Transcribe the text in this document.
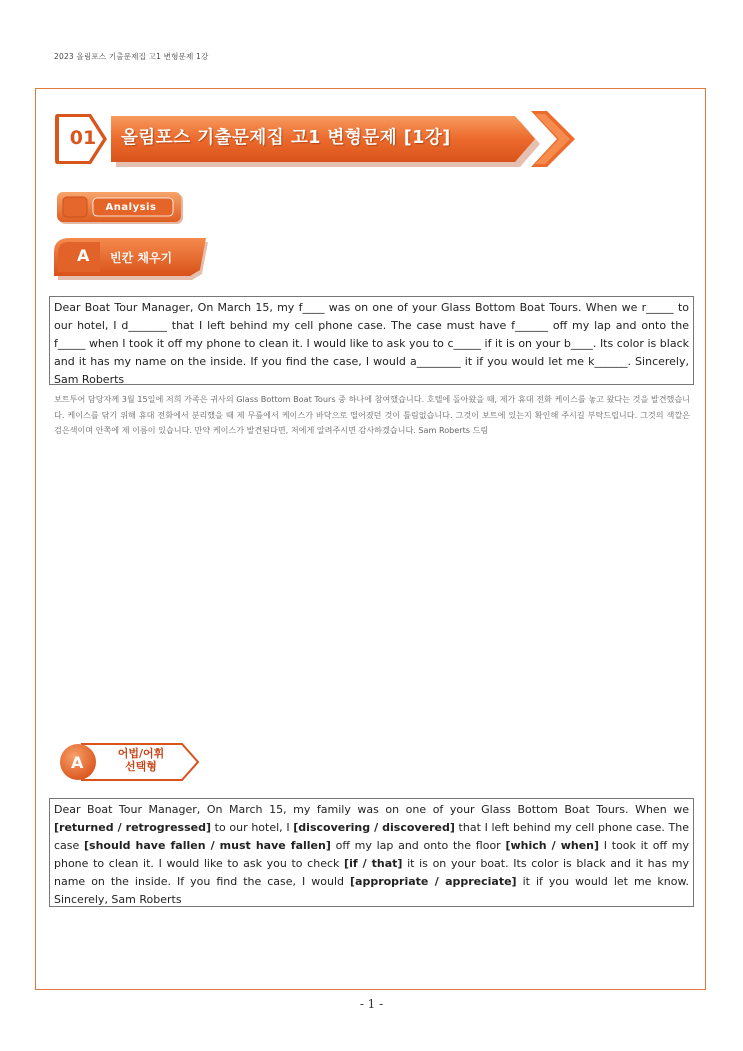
2023 올림포스 기출문제집 고1 변형문제 1강
01 올림포스 기출문제집 고1 변형문제 [1강]
Analysis
A 빈칸 채우기
Dear Boat Tour Manager, On March 15, my f____ was on one of your Glass Bottom Boat Tours. When we r_____ to our hotel, I d_______ that I left behind my cell phone case. The case must have f______ off my lap and onto the f_____ when I took it off my phone to clean it. I would like to ask you to c_____ if it is on your b____. Its color is black and it has my name on the inside. If you find the case, I would a________ it if you would let me k______. Sincerely, Sam Roberts
보트투어 담당자께 3월 15일에 저희 가족은 귀사의 Glass Bottom Boat Tours 중 하나에 참여했습니다. 호텔에 돌아왔을 때, 제가 휴대 전화 케이스를 놓고 왔다는 것을 발견했습니다. 케이스를 닦기 위해 휴대 전화에서 분리했을 때 제 무릎에서 케이스가 바닥으로 떨어졌던 것이 틀림없습니다. 그것이 보트에 있는지 확인해 주시길 부탁드립니다. 그것의 색깔은 검은색이며 안쪽에 제 이름이 있습니다. 만약 케이스가 발견된다면, 저에게 알려주시면 감사하겠습니다. Sam Roberts 드림
A	어법/어휘
선택형
Dear Boat Tour Manager, On March 15, my family was on one of your Glass Bottom Boat Tours. When we [returned / retrogressed] to our hotel, I [discovering / discovered] that I left behind my cell phone case. The case [should have fallen / must have fallen] off my lap and onto the floor [which / when] I took it off my phone to clean it. I would like to ask you to check [if / that] it is on your boat. Its color is black and it has my name on the inside. If you find the case, I would [appropriate / appreciate] it if you would let me know. Sincerely, Sam Roberts
- 1 -
